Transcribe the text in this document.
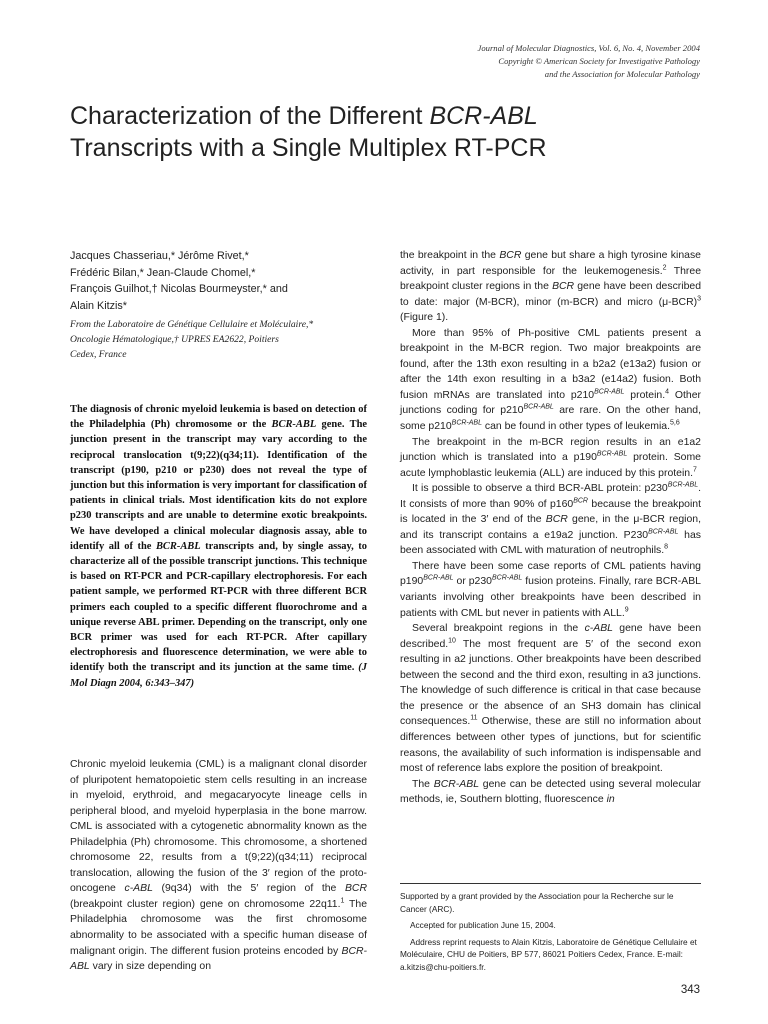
Journal of Molecular Diagnostics, Vol. 6, No. 4, November 2004
Copyright © American Society for Investigative Pathology
and the Association for Molecular Pathology
Characterization of the Different BCR-ABL
Transcripts with a Single Multiplex RT-PCR
Jacques Chasseriau,* Jérôme Rivet,*
Frédéric Bilan,* Jean-Claude Chomel,*
François Guilhot,† Nicolas Bourmeyster,* and
Alain Kitzis*
From the Laboratoire de Génétique Cellulaire et Moléculaire,*
Oncologie Hématologique,† UPRES EA2622, Poitiers
Cedex, France
The diagnosis of chronic myeloid leukemia is based on detection of the Philadelphia (Ph) chromosome or the BCR-ABL gene. The junction present in the transcript may vary according to the reciprocal translocation t(9;22)(q34;11). Identification of the transcript (p190, p210 or p230) does not reveal the type of junction but this information is very important for classification of patients in clinical trials. Most identification kits do not explore p230 transcripts and are unable to determine exotic breakpoints. We have developed a clinical molecular diagnosis assay, able to identify all of the BCR-ABL transcripts and, by single assay, to characterize all of the possible transcript junctions. This technique is based on RT-PCR and PCR-capillary electrophoresis. For each patient sample, we performed RT-PCR with three different BCR primers each coupled to a specific different fluorochrome and a unique reverse ABL primer. Depending on the transcript, only one BCR primer was used for each RT-PCR. After capillary electrophoresis and fluorescence determination, we were able to identify both the transcript and its junction at the same time. (J Mol Diagn 2004, 6:343–347)

Chronic myeloid leukemia (CML) is a malignant clonal disorder of pluripotent hematopoietic stem cells resulting in an increase in myeloid, erythroid, and megacaryocyte lineage cells in peripheral blood, and myeloid hyperplasia in the bone marrow. CML is associated with a cytogenetic abnormality known as the Philadelphia (Ph) chromosome. This chromosome, a shortened chromosome 22, results from a t(9;22)(q34;11) reciprocal translocation, allowing the fusion of the 3′ region of the proto-oncogene c-ABL (9q34) with the 5′ region of the BCR (breakpoint cluster region) gene on chromosome 22q11.$^1$ The Philadelphia chromosome was the first chromosome abnormality to be associated with a specific human disease of malignant origin. The different fusion proteins encoded by BCR-ABL vary in size depending on

the breakpoint in the BCR gene but share a high tyrosine kinase activity, in part responsible for the leukemogenesis.$^2$ Three breakpoint cluster regions in the BCR gene have been described to date: major (M-BCR), minor (m-BCR) and micro (μ-BCR)$^3$ (Figure 1).

More than 95% of Ph-positive CML patients present a breakpoint in the M-BCR region. Two major breakpoints are found, after the 13th exon resulting in a b2a2 (e13a2) fusion or after the 14th exon resulting in a b3a2 (e14a2) fusion. Both fusion mRNAs are translated into $p210^{BCR-ABL}$ protein.$^4$ Other junctions coding for $p210^{BCR-ABL}$ are rare. On the other hand, some $p210^{BCR-ABL}$ can be found in other types of leukemia.$^{5,6}$

The breakpoint in the m-BCR region results in an e1a2 junction which is translated into a $p190^{BCR-ABL}$ protein. Some acute lymphoblastic leukemia (ALL) are induced by this protein.$^7$

It is possible to observe a third BCR-ABL protein: $p230^{BCR-ABL}$. It consists of more than 90% of $p160^{BCR}$ because the breakpoint is located in the 3′ end of the BCR gene, in the μ-BCR region, and its transcript contains a e19a2 junction. $P230^{BCR-ABL}$ has been associated with CML with maturation of neutrophils.$^8$

There have been some case reports of CML patients having $p190^{BCR-ABL}$ or $p230^{BCR-ABL}$ fusion proteins. Finally, rare BCR-ABL variants involving other breakpoints have been described in patients with CML but never in patients with ALL.$^9$

Several breakpoint regions in the c-ABL gene have been described.$^{10}$ The most frequent are 5′ of the second exon resulting in a2 junctions. Other breakpoints have been described between the second and the third exon, resulting in a3 junctions. The knowledge of such difference is critical in that case because the presence or the absence of an SH3 domain has clinical consequences.$^{11}$ Otherwise, these are still no information about differences between other types of junctions, but for scientific reasons, the availability of such information is indispensable and most of reference labs explore the position of breakpoint.

The BCR-ABL gene can be detected using several molecular methods, ie, Southern blotting, fluorescence in

Supported by a grant provided by the Association pour la Recherche sur le Cancer (ARC).

Accepted for publication June 15, 2004.

Address reprint requests to Alain Kitzis, Laboratoire de Génétique Cellulaire et Moléculaire, CHU de Poitiers, BP 577, 86021 Poitiers Cedex, France. E-mail: a.kitzis@chu-poitiers.fr.

343
